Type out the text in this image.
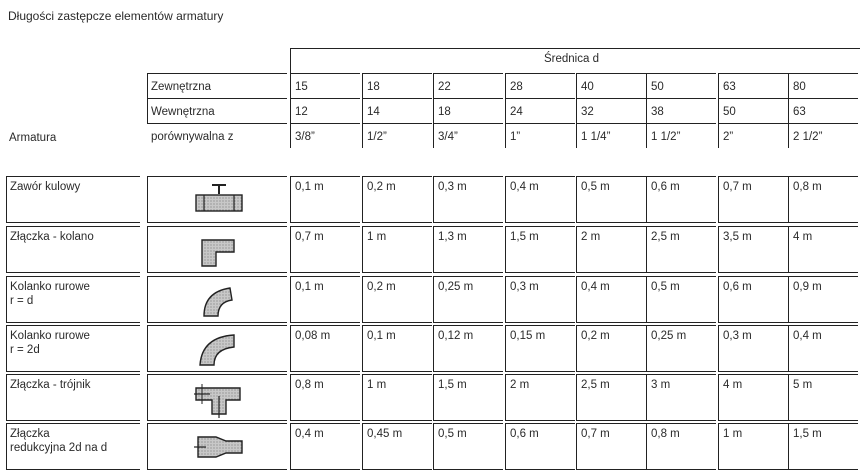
Długości zastępcze elementów armatury
Średnica d
Zewnętrzna	15	18	22	28	40	50	63	80
Wewnętrzna	12	14	18	24	32	38	50	63
porównywalna z	3/8”	1/2”	3/4”	1”	1 1/4”	1 1/2”	2”	2 1/2”
Armatura
Zawór kulowy	0,1 m	0,2 m	0,3 m	0,4 m	0,5 m	0,6 m	0,7 m	0,8 m
Złączka - kolano	0,7 m	1 m	1,3 m	1,5 m	2 m	2,5 m	3,5 m	4 m
Kolanko rurowe
r = d
0,1 m	0,2 m	0,25 m	0,3 m	0,4 m	0,5 m	0,6 m	0,9 m
Kolanko rurowe
r = 2d
0,08 m	0,1 m	0,12 m	0,15 m	0,2 m	0,25 m	0,3 m	0,4 m
Złączka - trójnik	0,8 m	1 m	1,5 m	2 m	2,5 m	3 m	4 m	5 m
Złączka
redukcyjna 2d na d
0,4 m	0,45 m	0,5 m	0,6 m	0,7 m	0,8 m	1 m	1,5 m
